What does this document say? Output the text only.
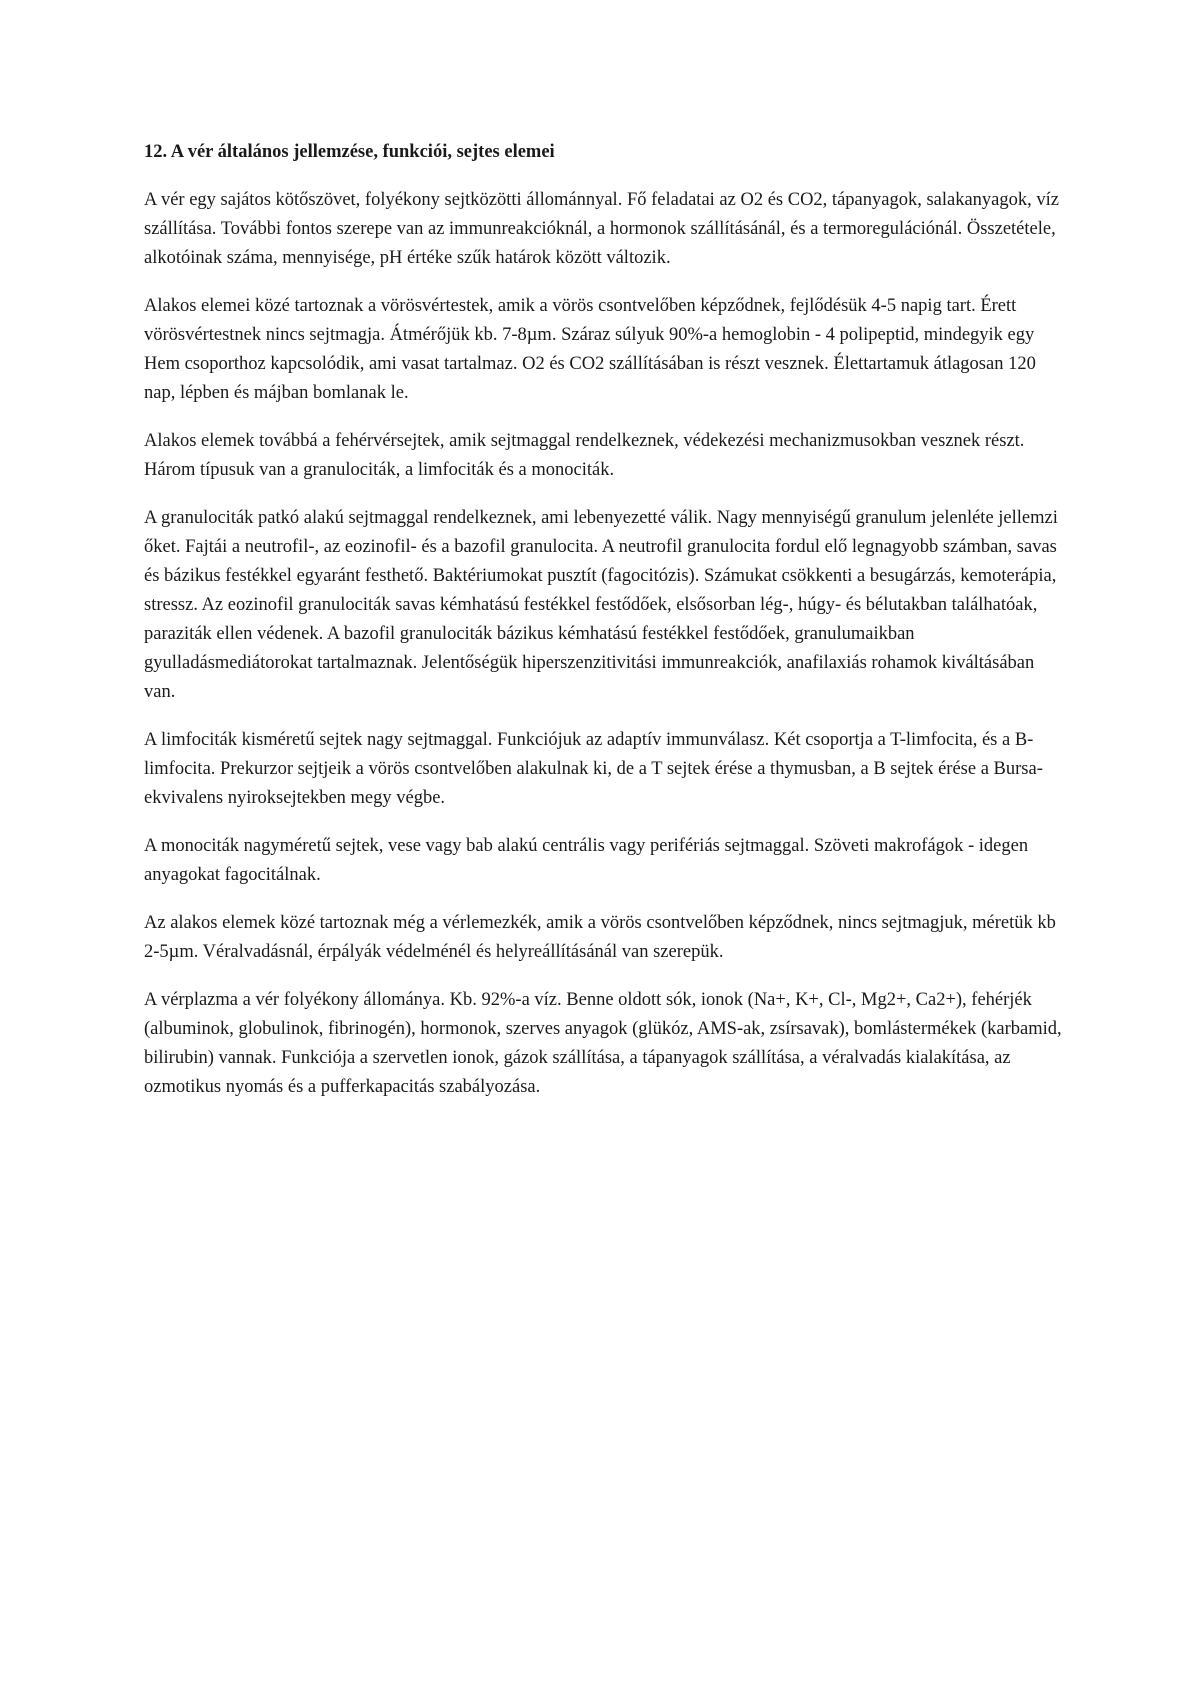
12. A vér általános jellemzése, funkciói, sejtes elemei

A vér egy sajátos kötőszövet, folyékony sejtközötti állománnyal. Fő feladatai az O2 és CO2, tápanyagok, salakanyagok, víz szállítása. További fontos szerepe van az immunreakcióknál, a hormonok szállításánál, és a termoregulációnál. Összetétele, alkotóinak száma, mennyisége, pH értéke szűk határok között változik.

Alakos elemei közé tartoznak a vörösvértestek, amik a vörös csontvelőben képződnek, fejlődésük 4-5 napig tart. Érett vörösvértestnek nincs sejtmagja. Átmérőjük kb. 7-8µm. Száraz súlyuk 90%-a hemoglobin - 4 polipeptid, mindegyik egy Hem csoporthoz kapcsolódik, ami vasat tartalmaz. O2 és CO2 szállításában is részt vesznek. Élettartamuk átlagosan 120 nap, lépben és májban bomlanak le.

Alakos elemek továbbá a fehérvérsejtek, amik sejtmaggal rendelkeznek, védekezési mechanizmusokban vesznek részt. Három típusuk van a granulociták, a limfociták és a monociták.

A granulociták patkó alakú sejtmaggal rendelkeznek, ami lebenyezetté válik. Nagy mennyiségű granulum jelenléte jellemzi őket. Fajtái a neutrofil-, az eozinofil- és a bazofil granulocita. A neutrofil granulocita fordul elő legnagyobb számban, savas és bázikus festékkel egyaránt festhető. Baktériumokat pusztít (fagocitózis). Számukat csökkenti a besugárzás, kemoterápia, stressz. Az eozinofil granulociták savas kémhatású festékkel festődőek, elsősorban lég-, húgy- és bélutakban találhatóak, paraziták ellen védenek. A bazofil granulociták bázikus kémhatású festékkel festődőek, granulumaikban gyulladásmediátorokat tartalmaznak. Jelentőségük hiperszenzitivitási immunreakciók, anafilaxiás rohamok kiváltásában van.

A limfociták kisméretű sejtek nagy sejtmaggal. Funkciójuk az adaptív immunválasz. Két csoportja a T-limfocita, és a B-limfocita. Prekurzor sejtjeik a vörös csontvelőben alakulnak ki, de a T sejtek érése a thymusban, a B sejtek érése a Bursa-ekvivalens nyiroksejtekben megy végbe.

A monociták nagyméretű sejtek, vese vagy bab alakú centrális vagy perifériás sejtmaggal. Szöveti makrofágok - idegen anyagokat fagocitálnak.

Az alakos elemek közé tartoznak még a vérlemezkék, amik a vörös csontvelőben képződnek, nincs sejtmagjuk, méretük kb 2-5µm. Véralvadásnál, érpályák védelménél és helyreállításánál van szerepük.

A vérplazma a vér folyékony állománya. Kb. 92%-a víz. Benne oldott sók, ionok (Na+, K+, Cl-, Mg2+, Ca2+), fehérjék (albuminok, globulinok, fibrinogén), hormonok, szerves anyagok (glükóz, AMS-ak, zsírsavak), bomlástermékek (karbamid, bilirubin) vannak. Funkciója a szervetlen ionok, gázok szállítása, a tápanyagok szállítása, a véralvadás kialakítása, az ozmotikus nyomás és a pufferkapacitás szabályozása.
